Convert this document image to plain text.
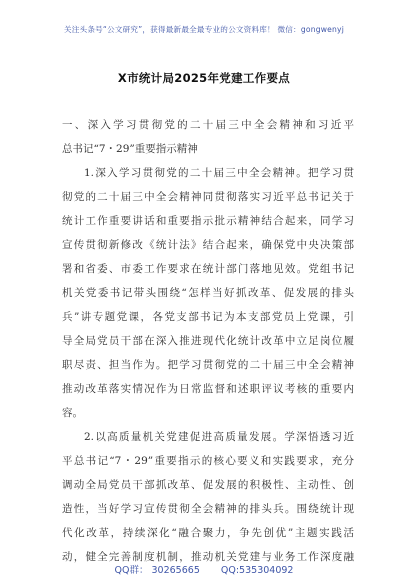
关注头条号“公文研究”，获得最新最全最专业的公文资料库！ 微信：gongwenyj
X市统计局2025年党建工作要点
一、深入学习贯彻党的二十届三中全会精神和习近平
总书记“7・29”重要指示精神
1.深入学习贯彻党的二十届三中全会精神。把学习贯
彻党的二十届三中全会精神同贯彻落实习近平总书记关于
统计工作重要讲话和重要指示批示精神结合起来，同学习
宣传贯彻新修改《统计法》结合起来，确保党中央决策部
署和省委、市委工作要求在统计部门落地见效。党组书记
机关党委书记带头围绕“怎样当好抓改革、促发展的排头
兵”讲专题党课，各党支部书记为本支部党员上党课，引
导全局党员干部在深入推进现代化统计改革中立足岗位履
职尽责、担当作为。把学习贯彻党的二十届三中全会精神
推动改革落实情况作为日常监督和述职评议考核的重要内
容。
2.以高质量机关党建促进高质量发展。学深悟透习近
平总书记“7・29”重要指示的核心要义和实践要求，充分
调动全局党员干部抓改革、促发展的积极性、主动性、创
造性，当好学习宣传贯彻全会精神的排头兵。围绕统计现
代化改革，持续深化“融合聚力，争先创优”主题实践活
动，健全完善制度机制，推动机关党建与业务工作深度融
QQ群： 30265665 QQ:535304092
